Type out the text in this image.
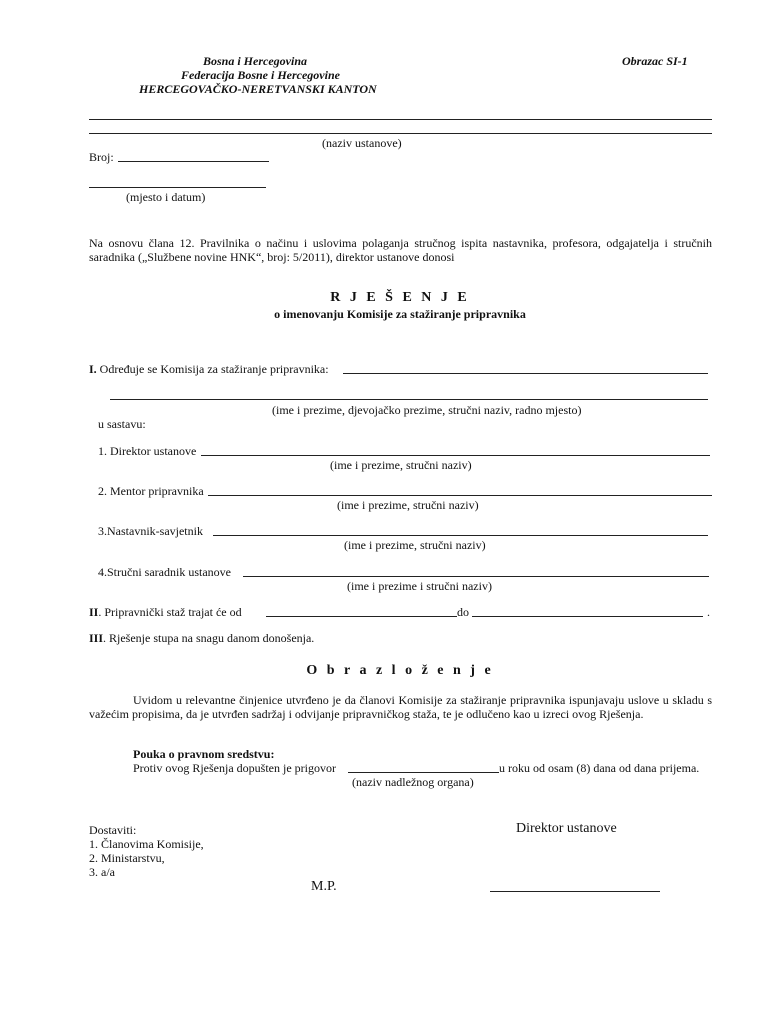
Bosna i Hercegovina
Federacija Bosne i Hercegovine
HERCEGOVAČKO-NERETVANSKI KANTON
Obrazac SI-1
(naziv ustanove)
Broj:
(mjesto i datum)
Na osnovu člana 12. Pravilnika o načinu i uslovima polaganja stručnog ispita nastavnika, profesora, odgajatelja i stručnih saradnika („Službene novine HNK“, broj: 5/2011), direktor ustanove donosi
R J E Š E N J E
o imenovanju Komisije za stažiranje pripravnika
I. Određuje se Komisija za stažiranje pripravnika:
(ime i prezime, djevojačko prezime, stručni naziv, radno mjesto)
u sastavu:
1. Direktor ustanove
(ime i prezime, stručni naziv)
2. Mentor pripravnika
(ime i prezime, stručni naziv)
3.Nastavnik-savjetnik
(ime i prezime, stručni naziv)
4.Stručni saradnik ustanove
(ime i prezime i stručni naziv)
II. Pripravnički staž trajat će od	do	.
III. Rješenje stupa na snagu danom donošenja.
O b r a z l o ž e n j e
Uvidom u relevantne činjenice utvrđeno je da članovi Komisije za stažiranje pripravnika ispunjavaju uslove u skladu s važećim propisima, da je utvrđen sadržaj i odvijanje pripravničkog staža, te je odlučeno kao u izreci ovog Rješenja.
Pouka o pravnom sredstvu:
Protiv ovog Rješenja dopušten je prigovor	u roku od osam (8) dana od dana prijema.
(naziv nadležnog organa)
Dostaviti:
1. Članovima Komisije,
2. Ministarstvu,
3. a/a
Direktor ustanove
M.P.
